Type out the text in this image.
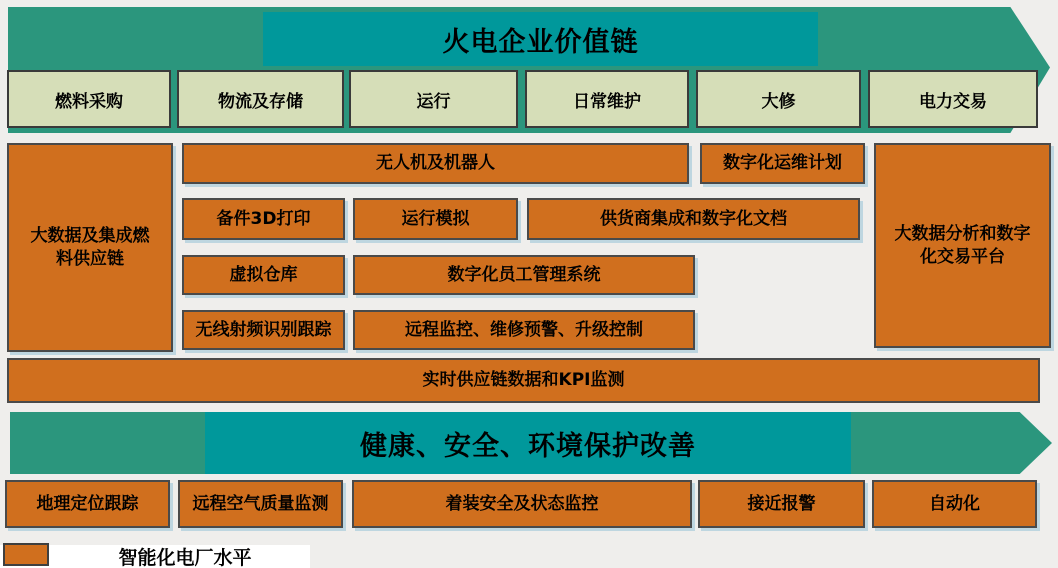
火电企业价值链
燃料采购	物流及存储	运行	日常维护	大修	电力交易
大数据及集成燃料供应链
大数据分析和数字化交易平台
无人机及机器人	数字化运维计划
备件3D打印	运行模拟	供货商集成和数字化文档
虚拟仓库	数字化员工管理系统
无线射频识别跟踪	远程监控、维修预警、升级控制
实时供应链数据和KPI监测
健康、安全、环境保护改善
地理定位跟踪	远程空气质量监测	着装安全及状态监控	接近报警	自动化
智能化电厂水平
